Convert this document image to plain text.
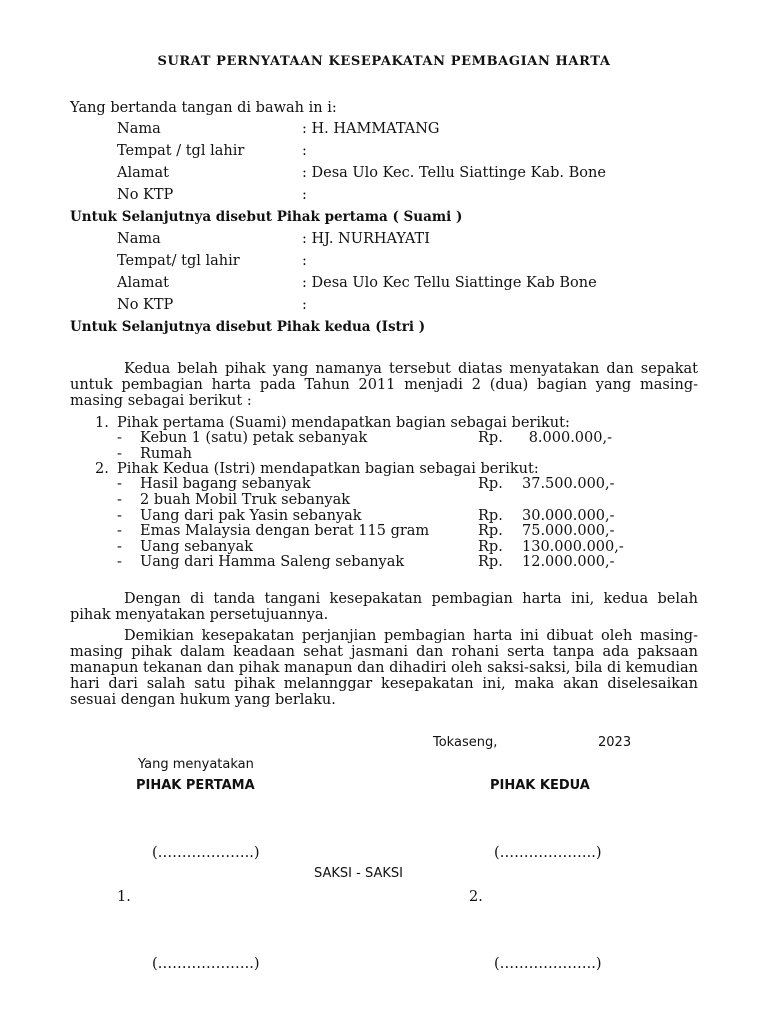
SURAT PERNYATAAN KESEPAKATAN PEMBAGIAN HARTA
Yang bertanda tangan di bawah in i:
Nama	: H. HAMMATANG
Tempat / tgl lahir	:
Alamat	: Desa Ulo Kec. Tellu Siattinge Kab. Bone
No KTP	:
Untuk Selanjutnya disebut Pihak pertama ( Suami )
Nama	: HJ. NURHAYATI
Tempat/ tgl lahir	:
Alamat	: Desa Ulo Kec Tellu Siattinge Kab Bone
No KTP	:
Untuk Selanjutnya disebut Pihak kedua (Istri )
Kedua belah pihak yang namanya tersebut diatas menyatakan dan sepakat untuk pembagian harta pada Tahun 2011 menjadi 2 (dua) bagian yang masing-masing sebagai berikut :
1. Pihak pertama (Suami) mendapatkan bagian sebagai berikut:
- Kebun 1 (satu) petak sebanyak	Rp.	8.000.000,-
- Rumah
2. Pihak Kedua (Istri) mendapatkan bagian sebagai berikut:
- Hasil bagang sebanyak	Rp. 37.500.000,-
- 2 buah Mobil Truk sebanyak
- Uang dari pak Yasin sebanyak	Rp. 30.000.000,-
- Emas Malaysia dengan berat 115 gram	Rp. 75.000.000,-
- Uang sebanyak	Rp. 130.000.000,-
- Uang dari Hamma Saleng sebanyak	Rp. 12.000.000,-
Dengan di tanda tangani kesepakatan pembagian harta ini, kedua belah pihak menyatakan persetujuannya.
Demikian kesepakatan perjanjian pembagian harta ini dibuat oleh masing-masing pihak dalam keadaan sehat jasmani dan rohani serta tanpa ada paksaan manapun tekanan dan pihak manapun dan dihadiri oleh saksi-saksi, bila di kemudian hari dari salah satu pihak melannggar kesepakatan ini, maka akan diselesaikan sesuai dengan hukum yang berlaku.
Tokaseng,	2023
Yang menyatakan
PIHAK PERTAMA	PIHAK KEDUA
(………………..)	(………………..)
SAKSI - SAKSI
1.	2.
(………………..)	(………………..)
